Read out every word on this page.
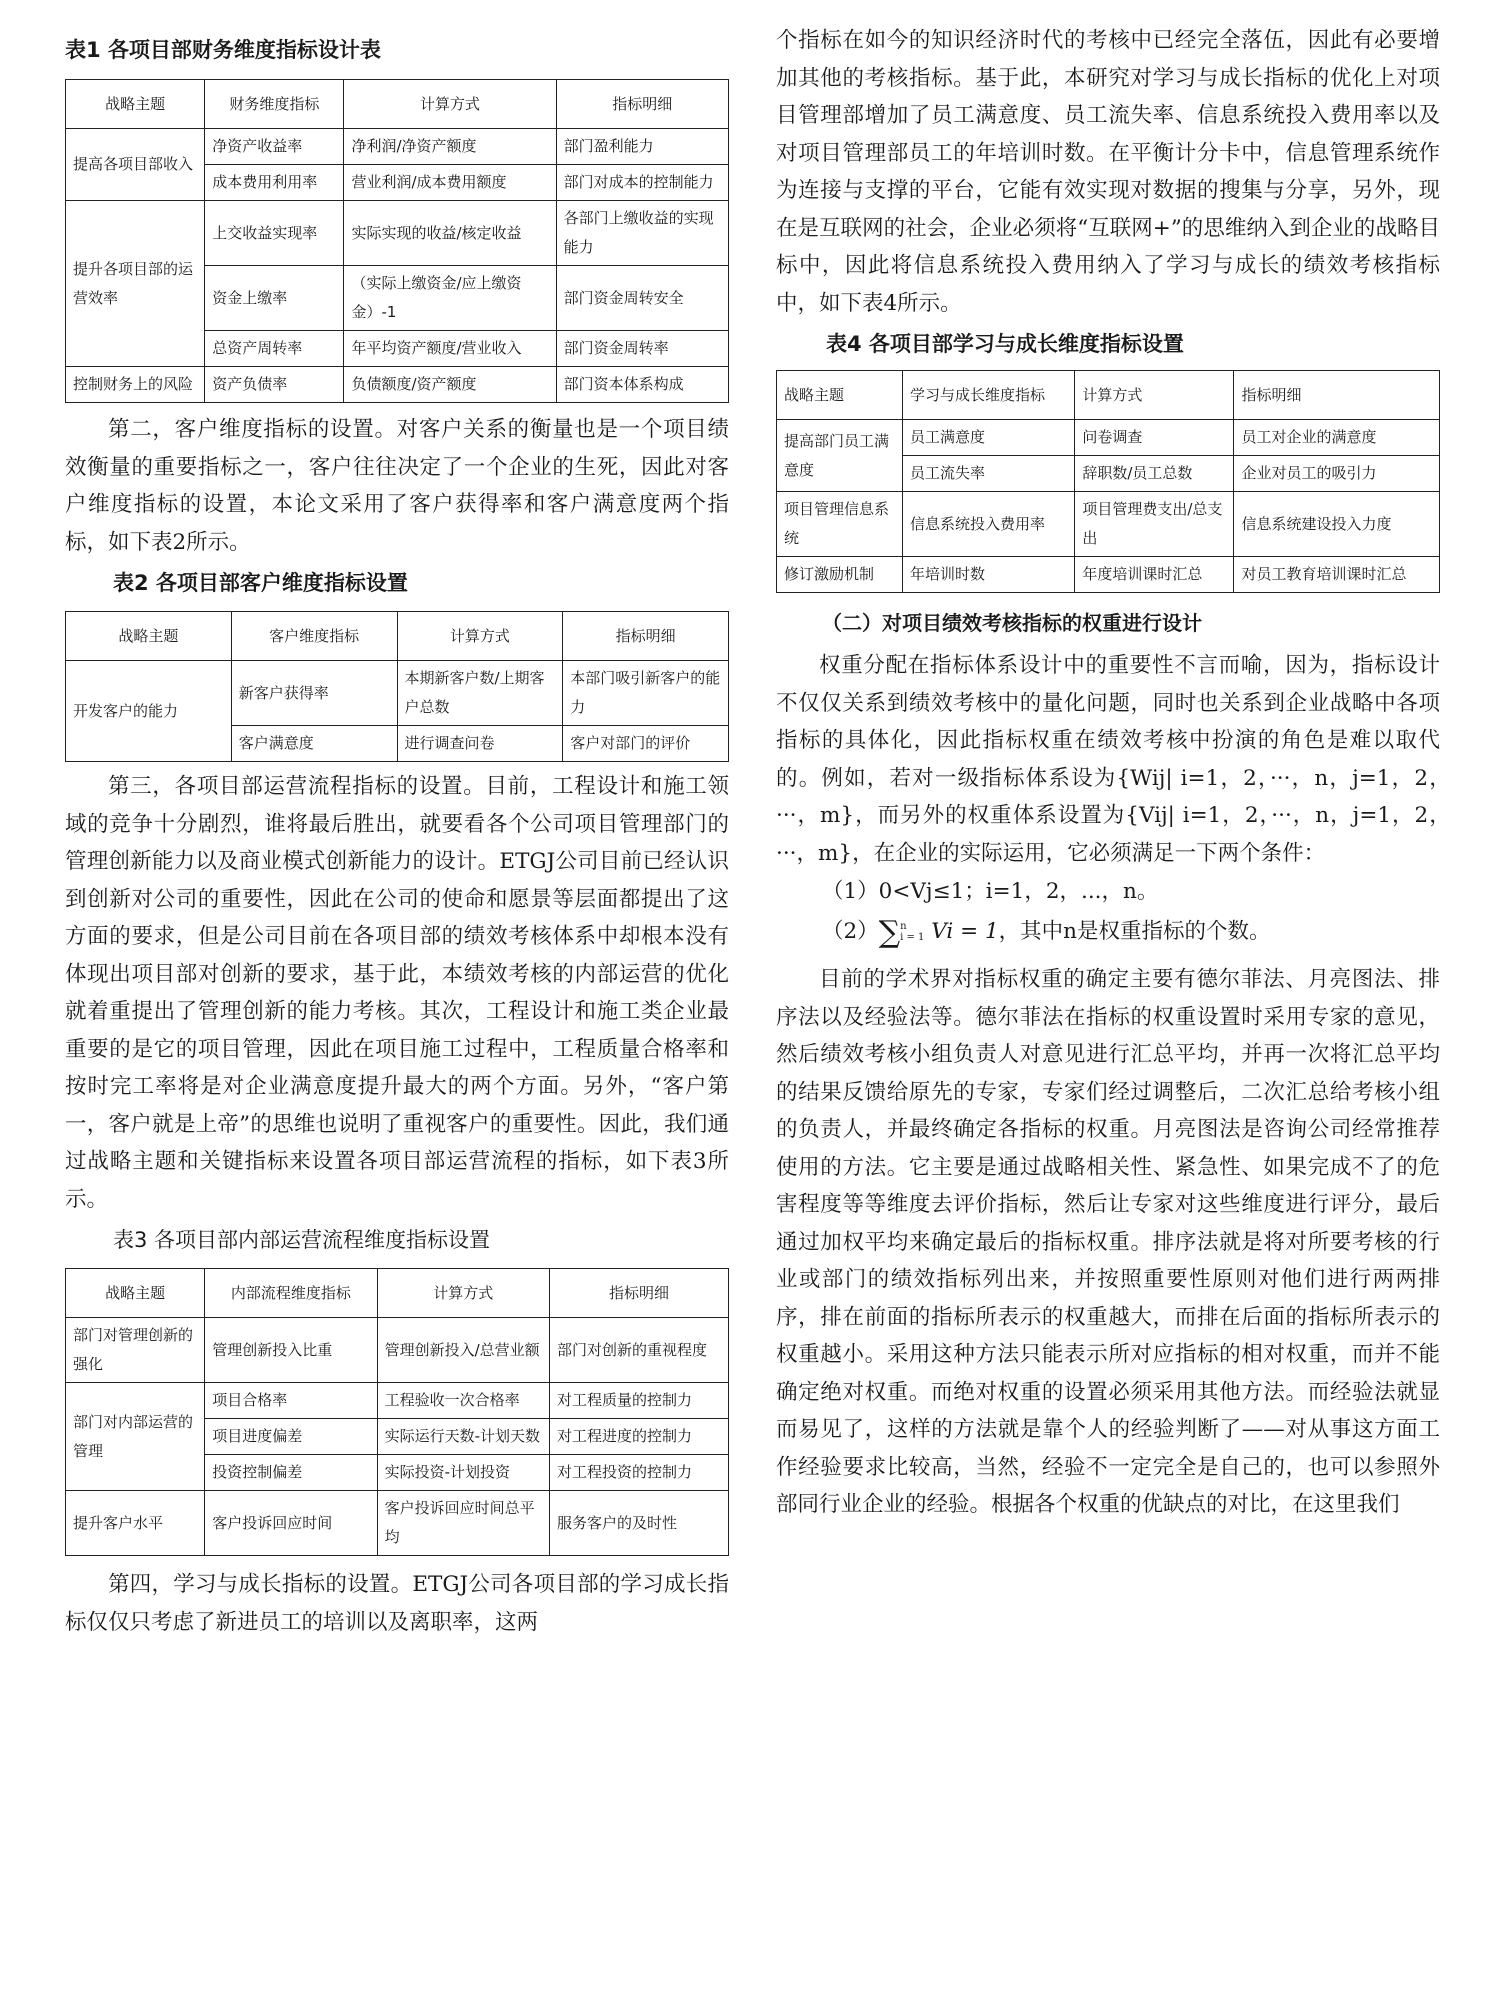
表1 各项目部财务维度指标设计表
战略主题	财务维度指标	计算方式	指标明细
提高各项目部收入	净资产收益率	净利润/净资产额度	部门盈利能力
	成本费用利用率	营业利润/成本费用额度	部门对成本的控制能力
提升各项目部的运营效率	上交收益实现率	实际实现的收益/核定收益	各部门上缴收益的实现能力
	资金上缴率	（实际上缴资金/应上缴资金）-1	部门资金周转安全
	总资产周转率	年平均资产额度/营业收入	部门资金周转率
控制财务上的风险	资产负债率	负债额度/资产额度	部门资本体系构成

第二，客户维度指标的设置。对客户关系的衡量也是一个项目绩效衡量的重要指标之一，客户往往决定了一个企业的生死，因此对客户维度指标的设置，本论文采用了客户获得率和客户满意度两个指标，如下表2所示。

表2 各项目部客户维度指标设置
战略主题	客户维度指标	计算方式	指标明细
开发客户的能力	新客户获得率	本期新客户数/上期客户总数	本部门吸引新客户的能力
	客户满意度	进行调查问卷	客户对部门的评价

第三，各项目部运营流程指标的设置。目前，工程设计和施工领域的竞争十分剧烈，谁将最后胜出，就要看各个公司项目管理部门的管理创新能力以及商业模式创新能力的设计。ETGJ公司目前已经认识到创新对公司的重要性，因此在公司的使命和愿景等层面都提出了这方面的要求，但是公司目前在各项目部的绩效考核体系中却根本没有体现出项目部对创新的要求，基于此，本绩效考核的内部运营的优化就着重提出了管理创新的能力考核。其次，工程设计和施工类企业最重要的是它的项目管理，因此在项目施工过程中，工程质量合格率和按时完工率将是对企业满意度提升最大的两个方面。另外，“客户第一，客户就是上帝”的思维也说明了重视客户的重要性。因此，我们通过战略主题和关键指标来设置各项目部运营流程的指标，如下表3所示。

表3 各项目部内部运营流程维度指标设置
战略主题	内部流程维度指标	计算方式	指标明细
部门对管理创新的强化	管理创新投入比重	管理创新投入/总营业额	部门对创新的重视程度
部门对内部运营的管理	项目合格率	工程验收一次合格率	对工程质量的控制力
	项目进度偏差	实际运行天数-计划天数	对工程进度的控制力
	投资控制偏差	实际投资-计划投资	对工程投资的控制力
提升客户水平	客户投诉回应时间	客户投诉回应时间总平均	服务客户的及时性

第四，学习与成长指标的设置。ETGJ公司各项目部的学习成长指标仅仅只考虑了新进员工的培训以及离职率，这两

个指标在如今的知识经济时代的考核中已经完全落伍，因此有必要增加其他的考核指标。基于此，本研究对学习与成长指标的优化上对项目管理部增加了员工满意度、员工流失率、信息系统投入费用率以及对项目管理部员工的年培训时数。在平衡计分卡中，信息管理系统作为连接与支撑的平台，它能有效实现对数据的搜集与分享，另外，现在是互联网的社会，企业必须将“互联网+”的思维纳入到企业的战略目标中，因此将信息系统投入费用纳入了学习与成长的绩效考核指标中，如下表4所示。

表4 各项目部学习与成长维度指标设置
战略主题	学习与成长维度指标	计算方式	指标明细
提高部门员工满意度	员工满意度	问卷调查	员工对企业的满意度
	员工流失率	辞职数/员工总数	企业对员工的吸引力
项目管理信息系统	信息系统投入费用率	项目管理费支出/总支出	信息系统建设投入力度
修订激励机制	年培训时数	年度培训课时汇总	对员工教育培训课时汇总
（二）对项目绩效考核指标的权重进行设计

权重分配在指标体系设计中的重要性不言而喻，因为，指标设计不仅仅关系到绩效考核中的量化问题，同时也关系到企业战略中各项指标的具体化，因此指标权重在绩效考核中扮演的角色是难以取代的。例如，若对一级指标体系设为{Wij| i=1，2，···，n，j=1，2，···，m}，而另外的权重体系设置为{Vij| i=1，2，···，n，j=1，2，···，m}，在企业的实际运用，它必须满足一下两个条件：

（1）0<Vj≤1；i=1，2，...，n。
（2）∑n
i = 1 Vi = 1，其中n是权重指标的个数。

目前的学术界对指标权重的确定主要有德尔菲法、月亮图法、排序法以及经验法等。德尔菲法在指标的权重设置时采用专家的意见，然后绩效考核小组负责人对意见进行汇总平均，并再一次将汇总平均的结果反馈给原先的专家，专家们经过调整后，二次汇总给考核小组的负责人，并最终确定各指标的权重。月亮图法是咨询公司经常推荐使用的方法。它主要是通过战略相关性、紧急性、如果完成不了的危害程度等等维度去评价指标，然后让专家对这些维度进行评分，最后通过加权平均来确定最后的指标权重。排序法就是将对所要考核的行业或部门的绩效指标列出来，并按照重要性原则对他们进行两两排序，排在前面的指标所表示的权重越大，而排在后面的指标所表示的权重越小。采用这种方法只能表示所对应指标的相对权重，而并不能确定绝对权重。而绝对权重的设置必须采用其他方法。而经验法就显而易见了，这样的方法就是靠个人的经验判断了——对从事这方面工作经验要求比较高，当然，经验不一定完全是自己的，也可以参照外部同行业企业的经验。根据各个权重的优缺点的对比，在这里我们
